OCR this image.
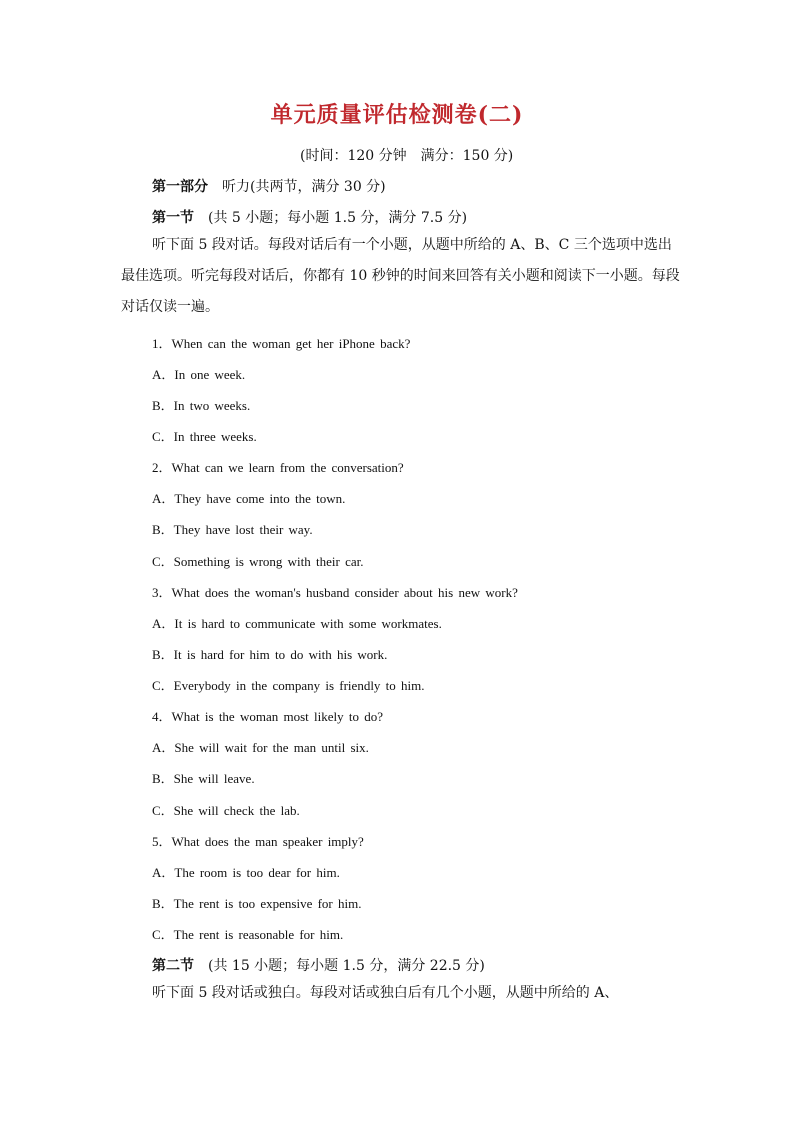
单元质量评估检测卷(二)
(时间：120 分钟　满分：150 分)
第一部分　听力(共两节，满分 30 分)
第一节　(共 5 小题；每小题 1.5 分，满分 7.5 分)
听下面 5 段对话。每段对话后有一个小题，从题中所给的 A、B、C 三个选项中选出最佳选项。听完每段对话后，你都有 10 秒钟的时间来回答有关小题和阅读下一小题。每段对话仅读一遍。
1．When can the woman get her iPhone back?
A．In one week.
B．In two weeks.
C．In three weeks.
2．What can we learn from the conversation?
A．They have come into the town.
B．They have lost their way.
C．Something is wrong with their car.
3．What does the woman's husband consider about his new work?
A．It is hard to communicate with some workmates.
B．It is hard for him to do with his work.
C．Everybody in the company is friendly to him.
4．What is the woman most likely to do?
A．She will wait for the man until six.
B．She will leave.
C．She will check the lab.
5．What does the man speaker imply?
A．The room is too dear for him.
B．The rent is too expensive for him.
C．The rent is reasonable for him.
第二节　(共 15 小题；每小题 1.5 分，满分 22.5 分)
听下面 5 段对话或独白。每段对话或独白后有几个小题，从题中所给的 A、
